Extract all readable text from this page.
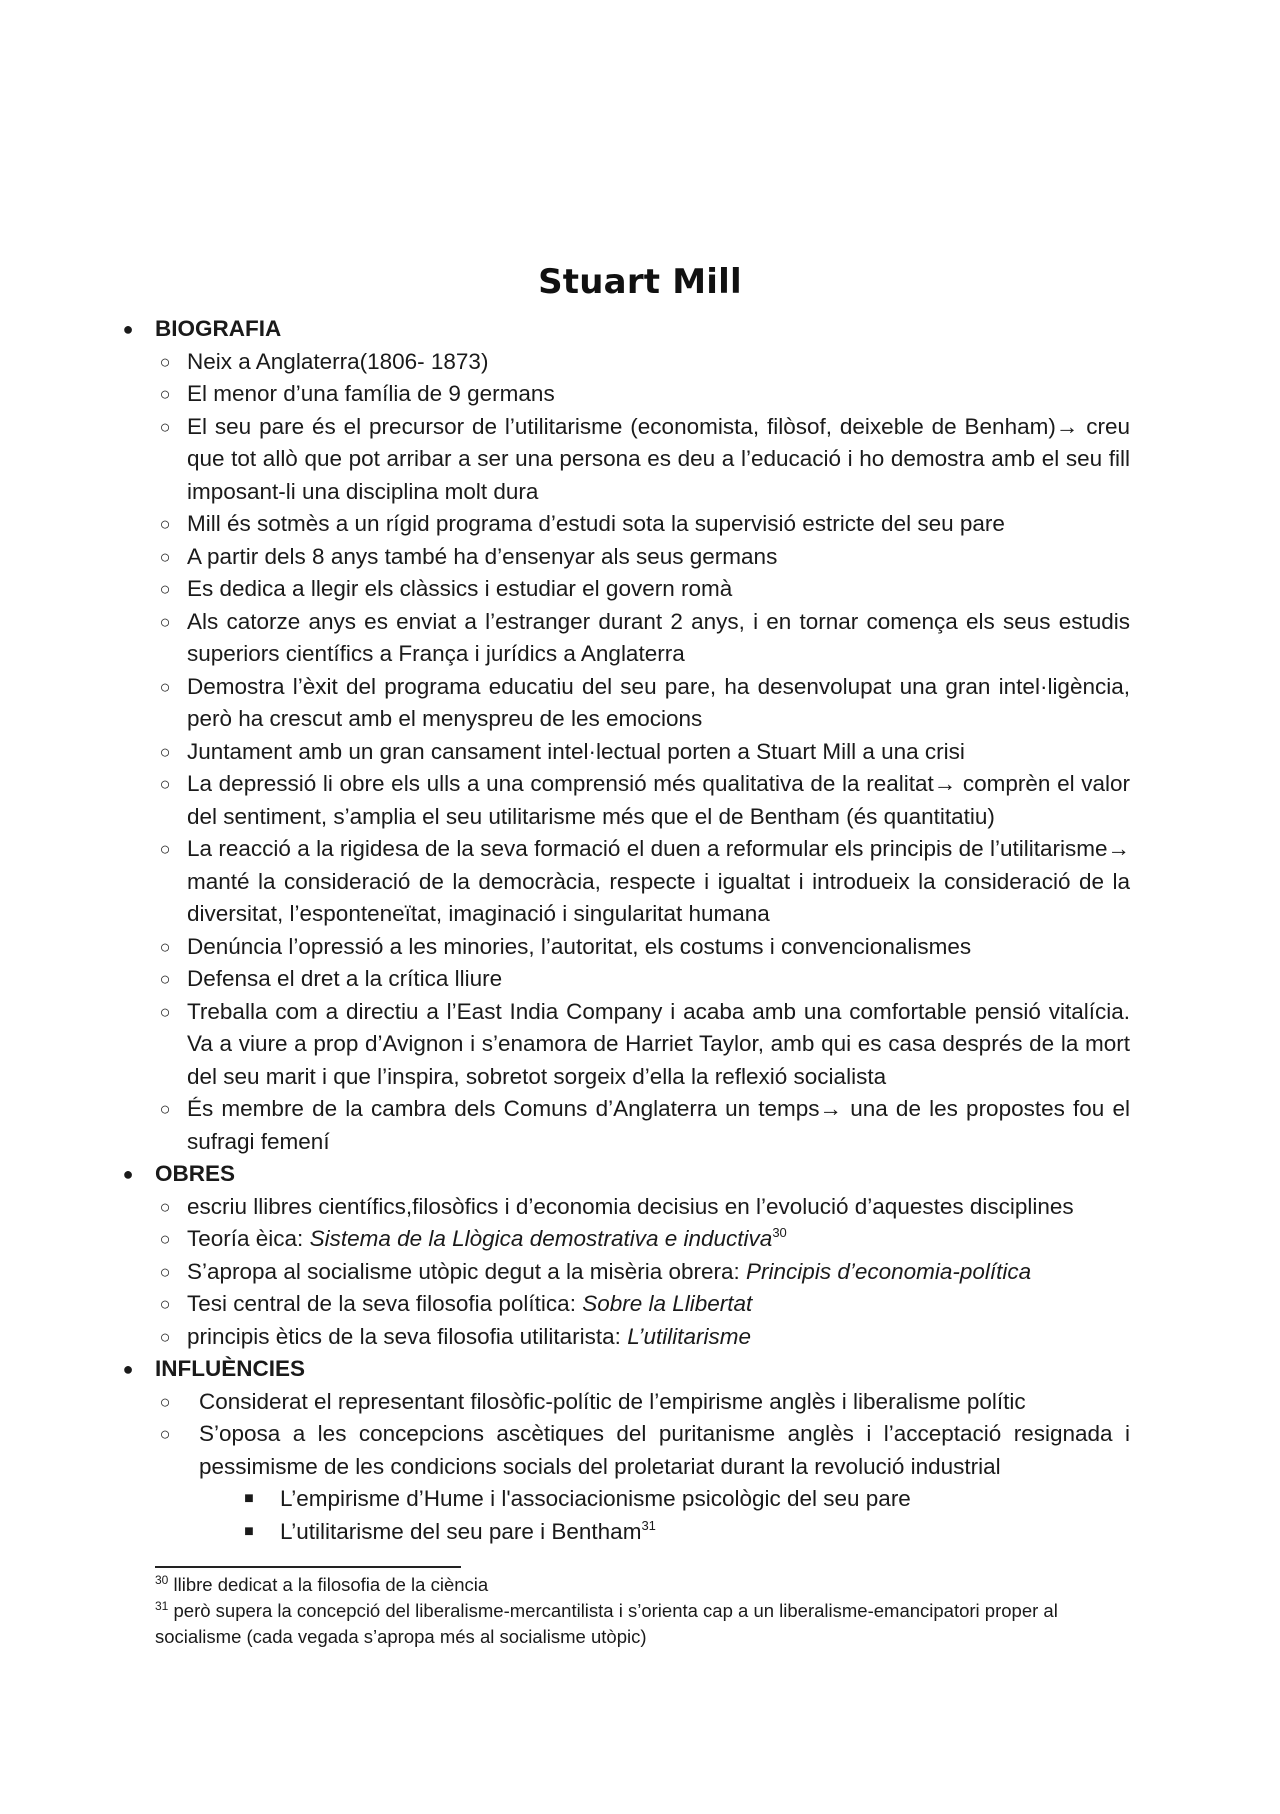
Stuart Mill
● BIOGRAFIA
○ Neix a Anglaterra(1806- 1873)
○ El menor d’una família de 9 germans
○ El seu pare és el precursor de l’utilitarisme (economista, filòsof, deixeble de Benham)→ creu que tot allò que pot arribar a ser una persona es deu a l’educació i ho demostra amb el seu fill imposant-li una disciplina molt dura
○ Mill és sotmès a un rígid programa d’estudi sota la supervisió estricte del seu pare
○ A partir dels 8 anys també ha d’ensenyar als seus germans
○ Es dedica a llegir els clàssics i estudiar el govern romà
○ Als catorze anys es enviat a l’estranger durant 2 anys, i en tornar comença els seus estudis superiors científics a França i jurídics a Anglaterra
○ Demostra l’èxit del programa educatiu del seu pare, ha desenvolupat una gran intel·ligència, però ha crescut amb el menyspreu de les emocions
○ Juntament amb un gran cansament intel·lectual porten a Stuart Mill a una crisi
○ La depressió li obre els ulls a una comprensió més qualitativa de la realitat→ comprèn el valor del sentiment, s’amplia el seu utilitarisme més que el de Bentham (és quantitatiu)
○ La reacció a la rigidesa de la seva formació el duen a reformular els principis de l’utilitarisme→ manté la consideració de la democràcia, respecte i igualtat i introdueix la consideració de la diversitat, l’esponteneïtat, imaginació i singularitat humana
○ Denúncia l’opressió a les minories, l’autoritat, els costums i convencionalismes
○ Defensa el dret a la crítica lliure
○ Treballa com a directiu a l’East India Company i acaba amb una comfortable pensió vitalícia. Va a viure a prop d’Avignon i s’enamora de Harriet Taylor, amb qui es casa després de la mort del seu marit i que l’inspira, sobretot sorgeix d’ella la reflexió socialista
○ És membre de la cambra dels Comuns d’Anglaterra un temps→ una de les propostes fou el sufragi femení
● OBRES
○ escriu llibres científics,filosòfics i d’economia decisius en l’evolució d’aquestes disciplines
○ Teoría èica: Sistema de la Llògica demostrativa e inductiva$^{30}$
○ S’apropa al socialisme utòpic degut a la misèria obrera: Principis d’economia-política
○ Tesi central de la seva filosofia política: Sobre la Llibertat
○ principis ètics de la seva filosofia utilitarista: L’utilitarisme
● INFLUÈNCIES
○ Considerat el representant filosòfic-polític de l’empirisme anglès i liberalisme polític
○ S’oposa a les concepcions ascètiques del puritanisme anglès i l’acceptació resignada i pessimisme de les condicions socials del proletariat durant la revolució industrial
■ L’empirisme d’Hume i l'associacionisme psicològic del seu pare
■ L’utilitarisme del seu pare i Bentham$^{31}$

$^{30}$ llibre dedicat a la filosofia de la ciència

$^{31}$ però supera la concepció del liberalisme-mercantilista i s’orienta cap a un liberalisme-emancipatori proper al socialisme (cada vegada s’apropa més al socialisme utòpic)
